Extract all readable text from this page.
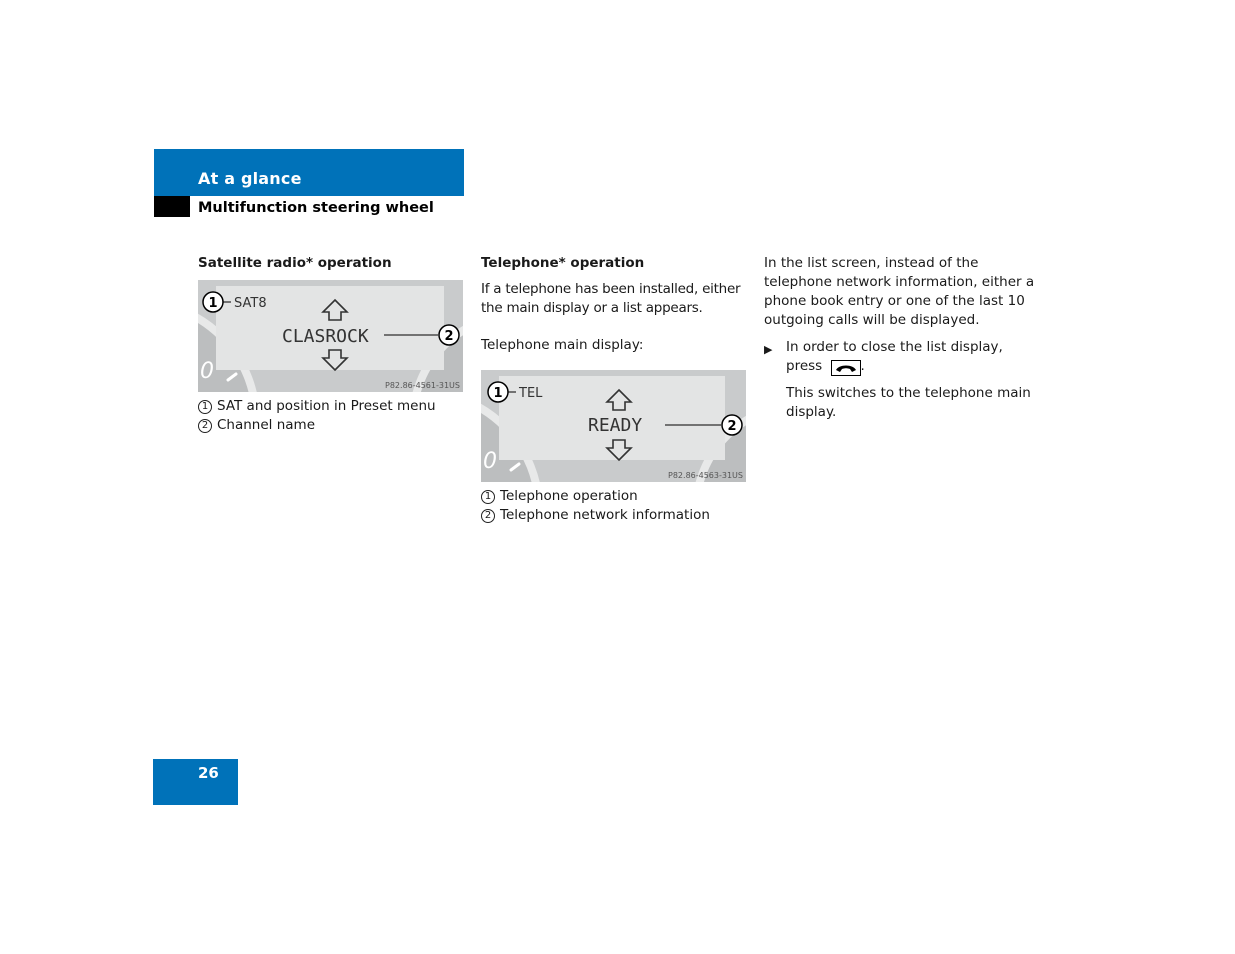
At a glance
Multifunction steering wheel
Satellite radio* operation
0
CLASROCK
SAT8
1
2
P82.86-4561-31US
1 SAT and position in Preset menu
2 Channel name
Telephone* operation
If a telephone has been installed, either the main display or a list appears.
Telephone main display:
0
READY
TEL
1
2
P82.86-4563-31US
1 Telephone operation
2 Telephone network information
In the list screen, instead of the telephone network information, either a phone book entry or one of the last 10 outgoing calls will be displayed.
▶	In order to close the list display, press	.
This switches to the telephone main display.
26
